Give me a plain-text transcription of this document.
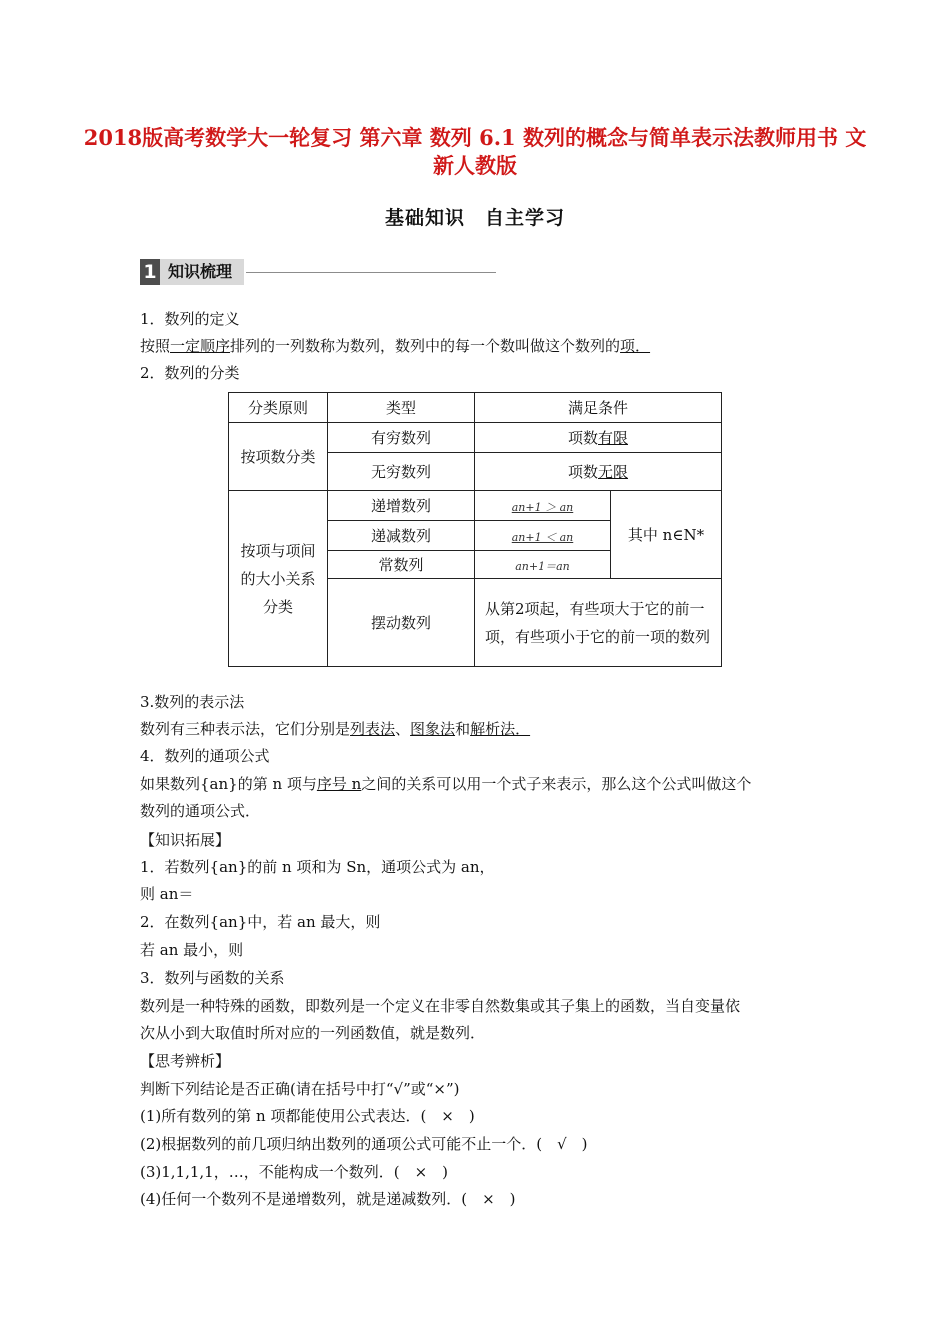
2018版高考数学大一轮复习 第六章 数列 6.1 数列的概念与简单表示法教师用书 文 新人教版
基础知识　自主学习
1 知识梳理
1．数列的定义
按照一定顺序排列的一列数称为数列，数列中的每一个数叫做这个数列的项．
2．数列的分类
分类原则	类型	满足条件	
按项数分类	有穷数列	项数有限	
	无穷数列	项数无限	
按项与项间的大小关系分类	递增数列	an+1 ＞ an	其中 n∈N*
	递减数列	an+1 ＜ an	
	常数列	an+1＝an	
	摆动数列	从第2项起，有些项大于它的前一项，有些项小于它的前一项的数列	
3.数列的表示法
数列有三种表示法，它们分别是列表法、图象法和解析法．
4．数列的通项公式
如果数列{an}的第 n 项与序号 n之间的关系可以用一个式子来表示，那么这个公式叫做这个
数列的通项公式．
【知识拓展】
1．若数列{an}的前 n 项和为 Sn，通项公式为 an，
则 an＝
2．在数列{an}中，若 an 最大，则
若 an 最小，则
3．数列与函数的关系
数列是一种特殊的函数，即数列是一个定义在非零自然数集或其子集上的函数，当自变量依
次从小到大取值时所对应的一列函数值，就是数列．
【思考辨析】
判断下列结论是否正确(请在括号中打“√”或“×”)
(1)所有数列的第 n 项都能使用公式表达．(　×　)
(2)根据数列的前几项归纳出数列的通项公式可能不止一个．(　√　)
(3)1,1,1,1，…，不能构成一个数列．(　×　)
(4)任何一个数列不是递增数列，就是递减数列．(　×　)
